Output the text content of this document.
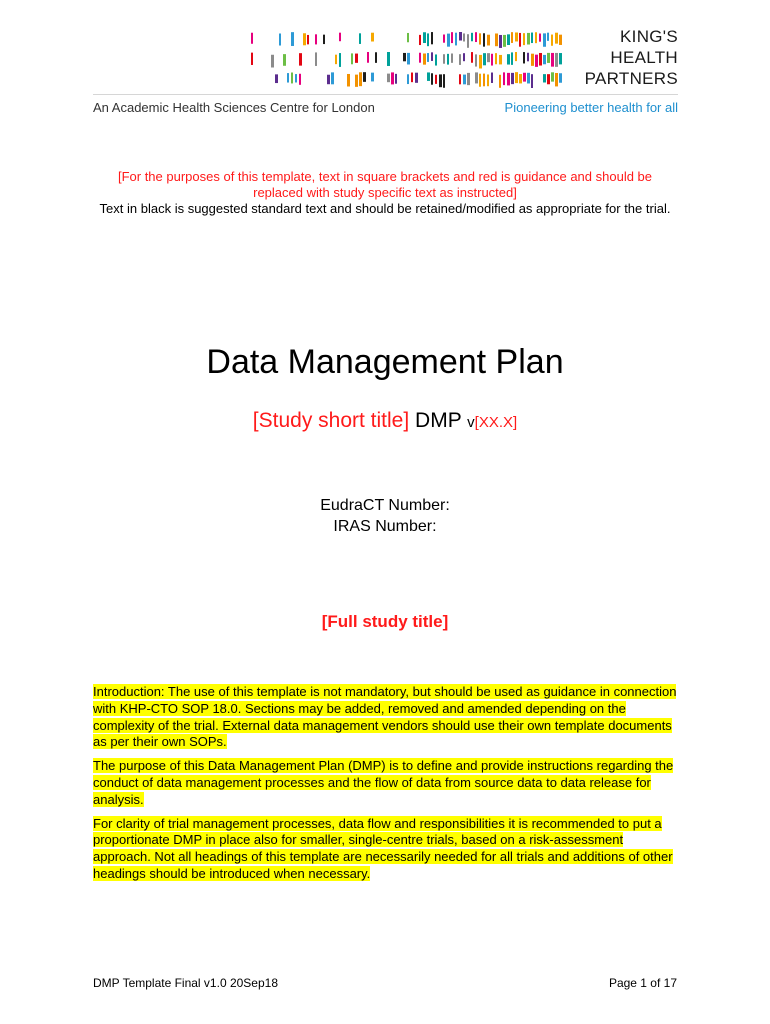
KING'S
HEALTH
PARTNERS
An Academic Health Sciences Centre for London	Pioneering better health for all
[For the purposes of this template, text in square brackets and red is guidance and should be replaced with study specific text as instructed]
Text in black is suggested standard text and should be retained/modified as appropriate for the trial.
Data Management Plan
[Study short title] DMP v[XX.X]
EudraCT Number:
IRAS Number:
[Full study title]

Introduction: The use of this template is not mandatory, but should be used as guidance in connection with KHP-CTO SOP 18.0. Sections may be added, removed and amended depending on the complexity of the trial. External data management vendors should use their own template documents as per their own SOPs.

The purpose of this Data Management Plan (DMP) is to define and provide instructions regarding the conduct of data management processes and the flow of data from source data to data release for analysis.

For clarity of trial management processes, data flow and responsibilities it is recommended to put a proportionate DMP in place also for smaller, single-centre trials, based on a risk-assessment approach. Not all headings of this template are necessarily needed for all trials and additions of other headings should be introduced when necessary.

DMP Template Final v1.0 20Sep18	Page 1 of 17
